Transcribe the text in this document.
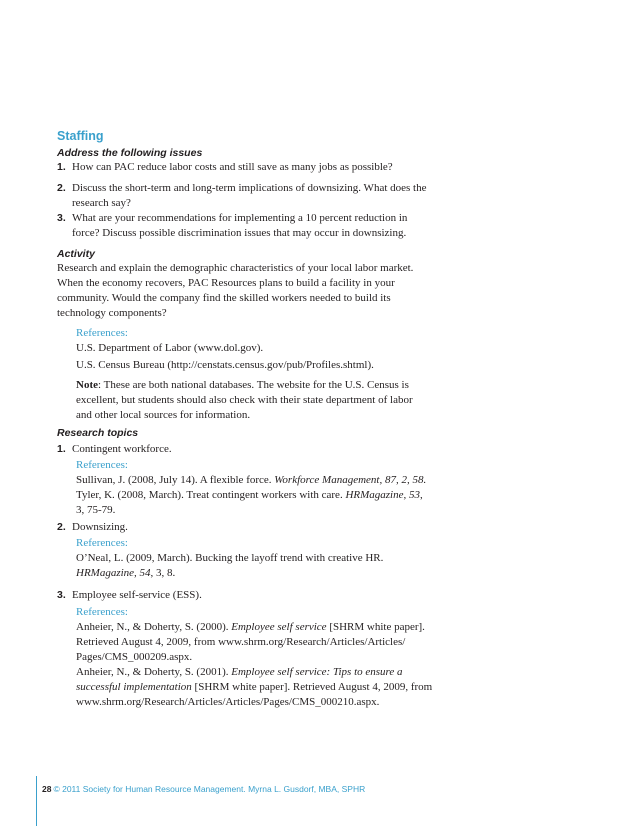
Staffing
Address the following issues
1. How can PAC reduce labor costs and still save as many jobs as possible?
2. Discuss the short-term and long-term implications of downsizing. What does the
research say?
3. What are your recommendations for implementing a 10 percent reduction in
force? Discuss possible discrimination issues that may occur in downsizing.
Activity
Research and explain the demographic characteristics of your local labor market.
When the economy recovers, PAC Resources plans to build a facility in your
community. Would the company find the skilled workers needed to build its
technology components?
References:
U.S. Department of Labor (www.dol.gov).
U.S. Census Bureau (http://censtats.census.gov/pub/Profiles.shtml).
Note: These are both national databases. The website for the U.S. Census is
excellent, but students should also check with their state department of labor
and other local sources for information.
Research topics
1. Contingent workforce.
References:
Sullivan, J. (2008, July 14). A flexible force. Workforce Management, 87, 2, 58.
Tyler, K. (2008, March). Treat contingent workers with care. HRMagazine, 53,
3, 75-79.
2. Downsizing.
References:
O’Neal, L. (2009, March). Bucking the layoff trend with creative HR.
HRMagazine, 54, 3, 8.
3. Employee self-service (ESS).
References:
Anheier, N., & Doherty, S. (2000). Employee self service [SHRM white paper].
Retrieved August 4, 2009, from www.shrm.org/Research/Articles/Articles/
Pages/CMS_000209.aspx.
Anheier, N., & Doherty, S. (2001). Employee self service: Tips to ensure a
successful implementation [SHRM white paper]. Retrieved August 4, 2009, from
www.shrm.org/Research/Articles/Articles/Pages/CMS_000210.aspx.
28 © 2011 Society for Human Resource Management. Myrna L. Gusdorf, MBA, SPHR
